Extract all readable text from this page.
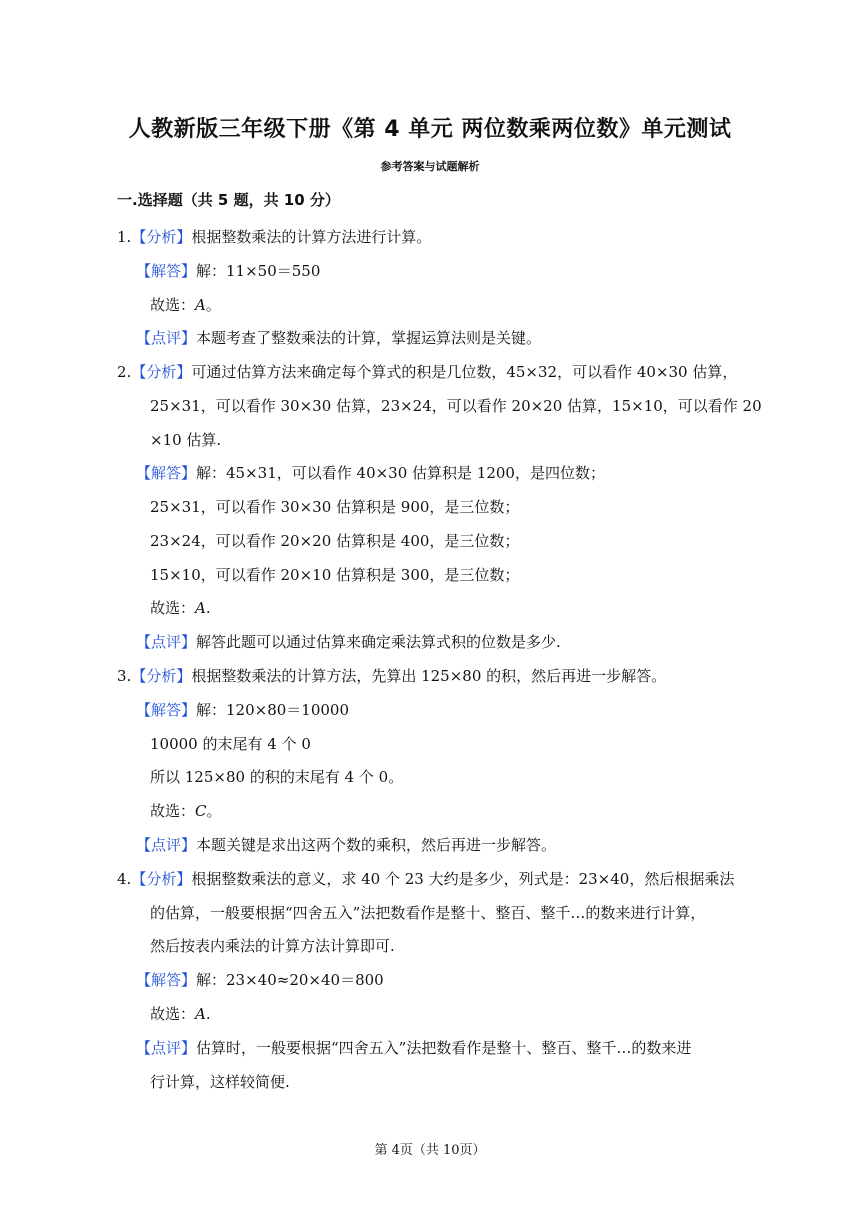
人教新版三年级下册《第 4 单元 两位数乘两位数》单元测试
参考答案与试题解析
一.选择题（共 5 题，共 10 分）
1.【分析】根据整数乘法的计算方法进行计算。
【解答】解：11×50＝550
故选：A。
【点评】本题考查了整数乘法的计算，掌握运算法则是关键。
2.【分析】可通过估算方法来确定每个算式的积是几位数，45×32，可以看作 40×30 估算，
25×31，可以看作 30×30 估算，23×24，可以看作 20×20 估算，15×10，可以看作 20
×10 估算.
【解答】解：45×31，可以看作 40×30 估算积是 1200，是四位数；
25×31，可以看作 30×30 估算积是 900，是三位数；
23×24，可以看作 20×20 估算积是 400，是三位数；
15×10，可以看作 20×10 估算积是 300，是三位数；
故选：A.
【点评】解答此题可以通过估算来确定乘法算式积的位数是多少.
3.【分析】根据整数乘法的计算方法，先算出 125×80 的积，然后再进一步解答。
【解答】解：120×80＝10000
10000 的末尾有 4 个 0
所以 125×80 的积的末尾有 4 个 0。
故选：C。
【点评】本题关键是求出这两个数的乘积，然后再进一步解答。
4.【分析】根据整数乘法的意义，求 40 个 23 大约是多少，列式是：23×40，然后根据乘法
的估算，一般要根据“四舍五入”法把数看作是整十、整百、整千…的数来进行计算，
然后按表内乘法的计算方法计算即可.
【解答】解：23×40≈20×40＝800
故选：A.
【点评】估算时，一般要根据“四舍五入”法把数看作是整十、整百、整千…的数来进
行计算，这样较简便.
第 4页（共 10页）
